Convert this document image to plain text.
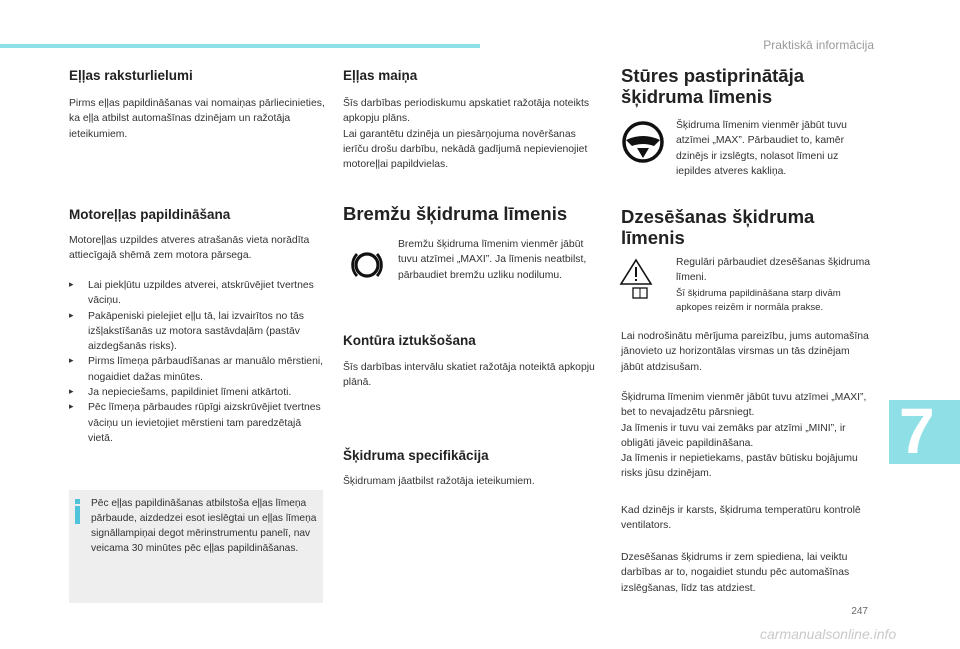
Praktiskā informācija
Eļļas raksturlielumi

Pirms eļļas papildināšanas vai nomaiņas pārliecinieties, ka eļļa atbilst automašīnas dzinējam un ražotāja ieteikumiem.

Motoreļļas papildināšana

Motoreļļas uzpildes atveres atrašanās vieta norādīta attiecīgajā shēmā zem motora pārsega.

▸ Lai piekļūtu uzpildes atverei, atskrūvējiet tvertnes vāciņu.
▸ Pakāpeniski pielejiet eļļu tā, lai izvairītos no tās izšļakstīšanās uz motora sastāvdaļām (pastāv aizdegšanās risks).
▸ Pirms līmeņa pārbaudīšanas ar manuālo mērstieni, nogaidiet dažas minūtes.
▸ Ja nepieciešams, papildiniet līmeni atkārtoti.
▸ Pēc līmeņa pārbaudes rūpīgi aizskrūvējiet tvertnes vāciņu un ievietojiet mērstieni tam paredzētajā vietā.

Pēc eļļas papildināšanas atbilstoša eļļas līmeņa pārbaude, aizdedzei esot ieslēgtai un eļļas līmeņa signāllampiņai degot mērinstrumentu panelī, nav veicama 30 minūtes pēc eļļas papildināšanas.

Eļļas maiņa

Šīs darbības periodiskumu apskatiet ražotāja noteikts apkopju plāns.
Lai garantētu dzinēja un piesārņojuma novēršanas ierīču drošu darbību, nekādā gadījumā nepievienojiet motoreļļai papildvielas.

Bremžu šķidruma līmenis

Bremžu šķidruma līmenim vienmēr jābūt tuvu atzīmei „MAXI”. Ja līmenis neatbilst, pārbaudiet bremžu uzliku nodilumu.

Kontūra iztukšošana

Šīs darbības intervālu skatiet ražotāja noteiktā apkopju plānā.

Šķidruma specifikācija

Šķidrumam jāatbilst ražotāja ieteikumiem.

Stūres pastiprinātāja šķidruma līmenis

Šķidruma līmenim vienmēr jābūt tuvu atzīmei „MAX”. Pārbaudiet to, kamēr dzinējs ir izslēgts, nolasot līmeni uz iepildes atveres kakliņa.

Dzesēšanas šķidruma līmenis

Regulāri pārbaudiet dzesēšanas šķidruma līmeni.

Šī šķidruma papildināšana starp divām apkopes reizēm ir normāla prakse.

Lai nodrošinātu mērījuma pareizību, jums automašīna jānovieto uz horizontālas virsmas un tās dzinējam jābūt atdzisušam.

Šķidruma līmenim vienmēr jābūt tuvu atzīmei „MAXI”, bet to nevajadzētu pārsniegt.
Ja līmenis ir tuvu vai zemāks par atzīmi „MINI”, ir obligāti jāveic papildināšana.
Ja līmenis ir nepietiekams, pastāv būtisku bojājumu risks jūsu dzinējam.

Kad dzinējs ir karsts, šķidruma temperatūru kontrolē ventilators.

Dzesēšanas šķidrums ir zem spiediena, lai veiktu darbības ar to, nogaidiet stundu pēc automašīnas izslēgšanas, līdz tas atdziest.

7
247
carmanualsonline.info
